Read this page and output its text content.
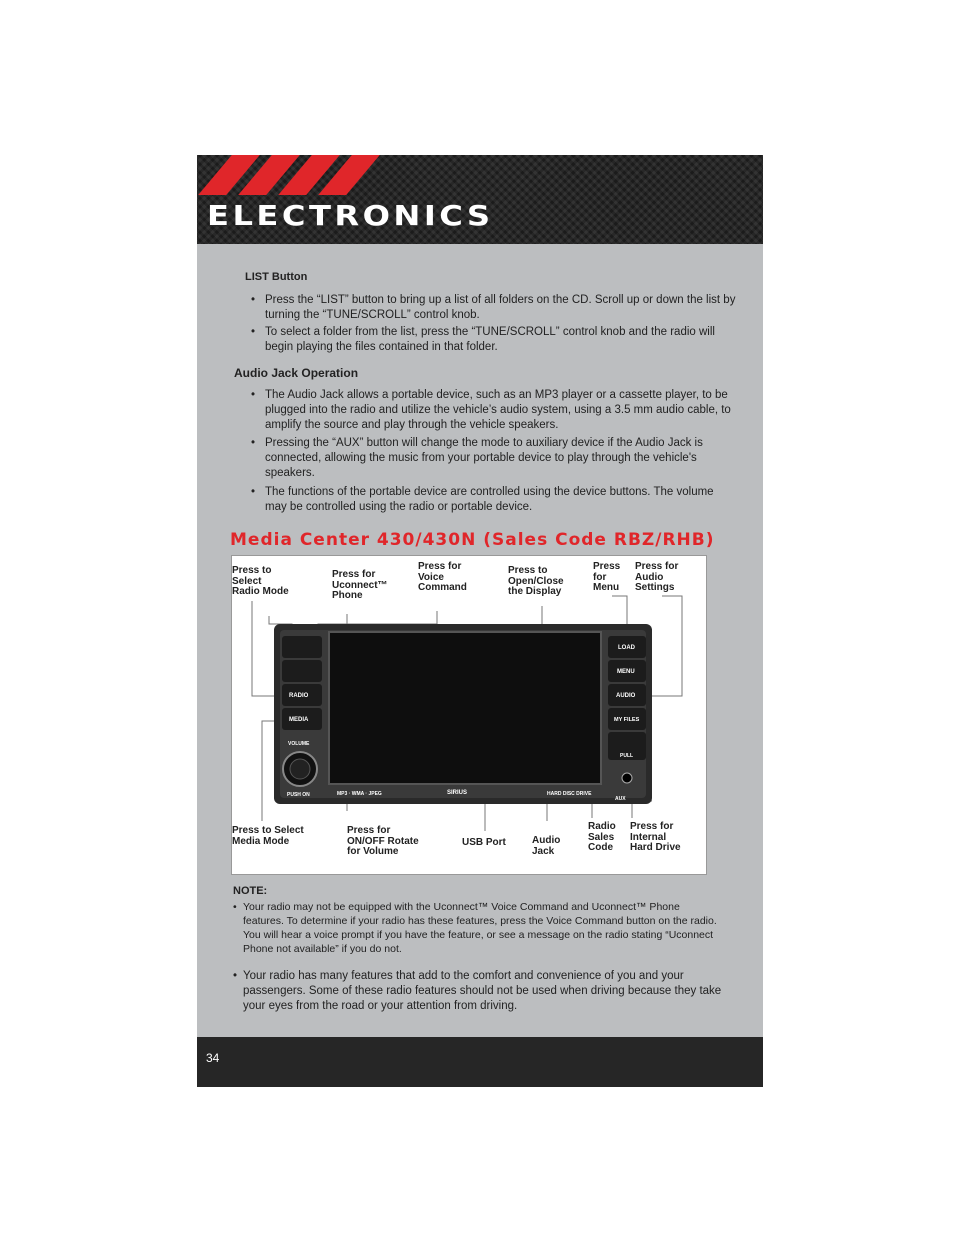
ELECTRONICS
LIST Button
• Press the “LIST” button to bring up a list of all folders on the CD. Scroll up or down the list by turning the “TUNE/SCROLL” control knob.
• To select a folder from the list, press the “TUNE/SCROLL” control knob and the radio will begin playing the files contained in that folder.
Audio Jack Operation
• The Audio Jack allows a portable device, such as an MP3 player or a cassette player, to be plugged into the radio and utilize the vehicle’s audio system, using a 3.5 mm audio cable, to amplify the source and play through the vehicle speakers.
• Pressing the “AUX” button will change the mode to auxiliary device if the Audio Jack is connected, allowing the music from your portable device to play through the vehicle's speakers.
• The functions of the portable device are controlled using the device buttons. The volume may be controlled using the radio or portable device.
Media Center 430/430N (Sales Code RBZ/RHB)
Press to
Select
Radio Mode
Press for
Uconnect™
Phone
Press for
Voice
Command
Press to
Open/Close
the Display
Press
for
Menu
Press for
Audio
Settings
RADIO
MEDIA
VOLUME
PUSH ON
LOAD
MENU
AUDIO
MY FILES
PULL
MP3 · WMA · JPEG	SIRIUS	HARD DISC DRIVE
AUX
Press to Select
Media Mode
Press for
ON/OFF Rotate
for Volume
USB Port	Audio
Jack
Radio
Sales
Code
Press for
Internal
Hard Drive
NOTE:
• Your radio may not be equipped with the Uconnect™ Voice Command and Uconnect™ Phone features. To determine if your radio has these features, press the Voice Command button on the radio. You will hear a voice prompt if you have the feature, or see a message on the radio stating “Uconnect Phone not available” if you do not.
• Your radio has many features that add to the comfort and convenience of you and your passengers. Some of these radio features should not be used when driving because they take your eyes from the road or your attention from driving.
34
